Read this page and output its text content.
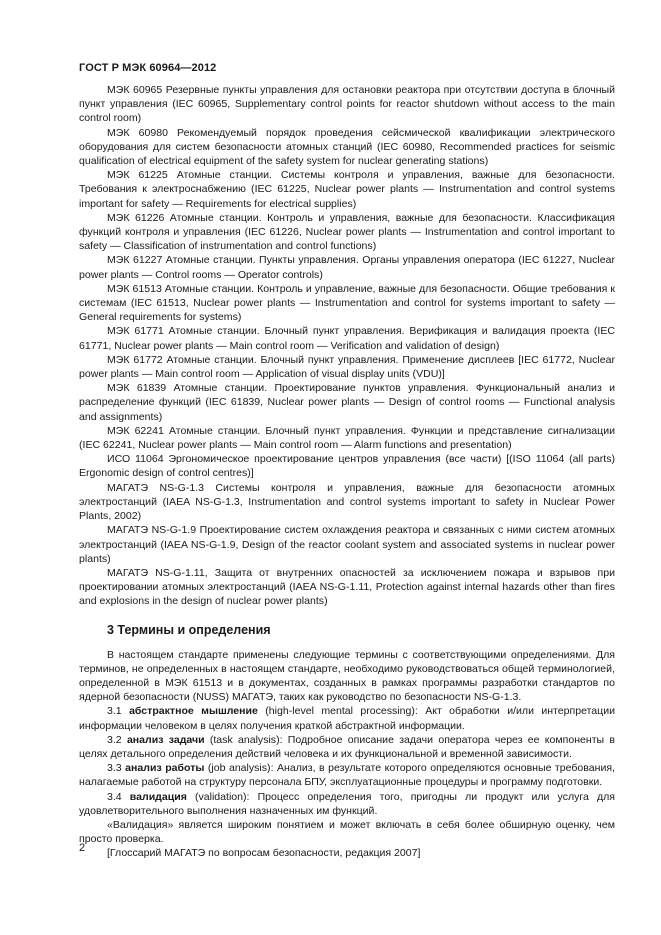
ГОСТ Р МЭК 60964—2012

МЭК 60965 Резервные пункты управления для остановки реактора при отсутствии доступа в блочный пункт управления (IEC 60965, Supplementary control points for reactor shutdown without access to the main control room)

МЭК 60980 Рекомендуемый порядок проведения сейсмической квалификации электрического оборудования для систем безопасности атомных станций (IEC 60980, Recommended practices for seismic qualification of electrical equipment of the safety system for nuclear generating stations)

МЭК 61225 Атомные станции. Системы контроля и управления, важные для безопасности. Требования к электроснабжению (IEC 61225, Nuclear power plants — Instrumentation and control systems important for safety — Requirements for electrical supplies)

МЭК 61226 Атомные станции. Контроль и управления, важные для безопасности. Классификация функций контроля и управления (IEC 61226, Nuclear power plants — Instrumentation and control important to safety — Classification of instrumentation and control functions)

МЭК 61227 Атомные станции. Пункты управления. Органы управления оператора (IEC 61227, Nuclear power plants — Control rooms — Operator controls)

МЭК 61513 Атомные станции. Контроль и управление, важные для безопасности. Общие требования к системам (IEC 61513, Nuclear power plants — Instrumentation and control for systems important to safety — General requirements for systems)

МЭК 61771 Атомные станции. Блочный пункт управления. Верификация и валидация проекта (IEC 61771, Nuclear power plants — Main control room — Verification and validation of design)

МЭК 61772 Атомные станции. Блочный пункт управления. Применение дисплеев [IEC 61772, Nuclear power plants — Main control room — Application of visual display units (VDU)]

МЭК 61839 Атомные станции. Проектирование пунктов управления. Функциональный анализ и распределение функций (IEC 61839, Nuclear power plants — Design of control rooms — Functional analysis and assignments)

МЭК 62241 Атомные станции. Блочный пункт управления. Функции и представление сигнализации (IEC 62241, Nuclear power plants — Main control room — Alarm functions and presentation)

ИСО 11064 Эргономическое проектирование центров управления (все части) [(ISO 11064 (all parts) Ergonomic design of control centres)]

МАГАТЭ NS-G-1.3 Системы контроля и управления, важные для безопасности атомных электростанций (IAEA NS-G-1.3, Instrumentation and control systems important to safety in Nuclear Power Plants, 2002)

МАГАТЭ NS-G-1.9 Проектирование систем охлаждения реактора и связанных с ними систем атомных электростанций (IAEA NS-G-1.9, Design of the reactor coolant system and associated systems in nuclear power plants)

МАГАТЭ NS-G-1.11, Защита от внутренних опасностей за исключением пожара и взрывов при проектировании атомных электростанций (IAEA NS-G-1.11, Protection against internal hazards other than fires and explosions in the design of nuclear power plants)

3 Термины и определения

В настоящем стандарте применены следующие термины с соответствующими определениями. Для терминов, не определенных в настоящем стандарте, необходимо руководствоваться общей терминологией, определенной в МЭК 61513 и в документах, созданных в рамках программы разработки стандартов по ядерной безопасности (NUSS) МАГАТЭ, таких как руководство по безопасности NS-G-1.3.

3.1 абстрактное мышление (high-level mental processing): Акт обработки и/или интерпретации информации человеком в целях получения краткой абстрактной информации.

3.2 анализ задачи (task analysis): Подробное описание задачи оператора через ее компоненты в целях детального определения действий человека и их функциональной и временной зависимости.

3.3 анализ работы (job analysis): Анализ, в результате которого определяются основные требования, налагаемые работой на структуру персонала БПУ, эксплуатационные процедуры и программу подготовки.

3.4 валидация (validation): Процесс определения того, пригодны ли продукт или услуга для удовлетворительного выполнения назначенных им функций.

«Валидация» является широким понятием и может включать в себя более обширную оценку, чем просто проверка.

[Глоссарий МАГАТЭ по вопросам безопасности, редакция 2007]

2
